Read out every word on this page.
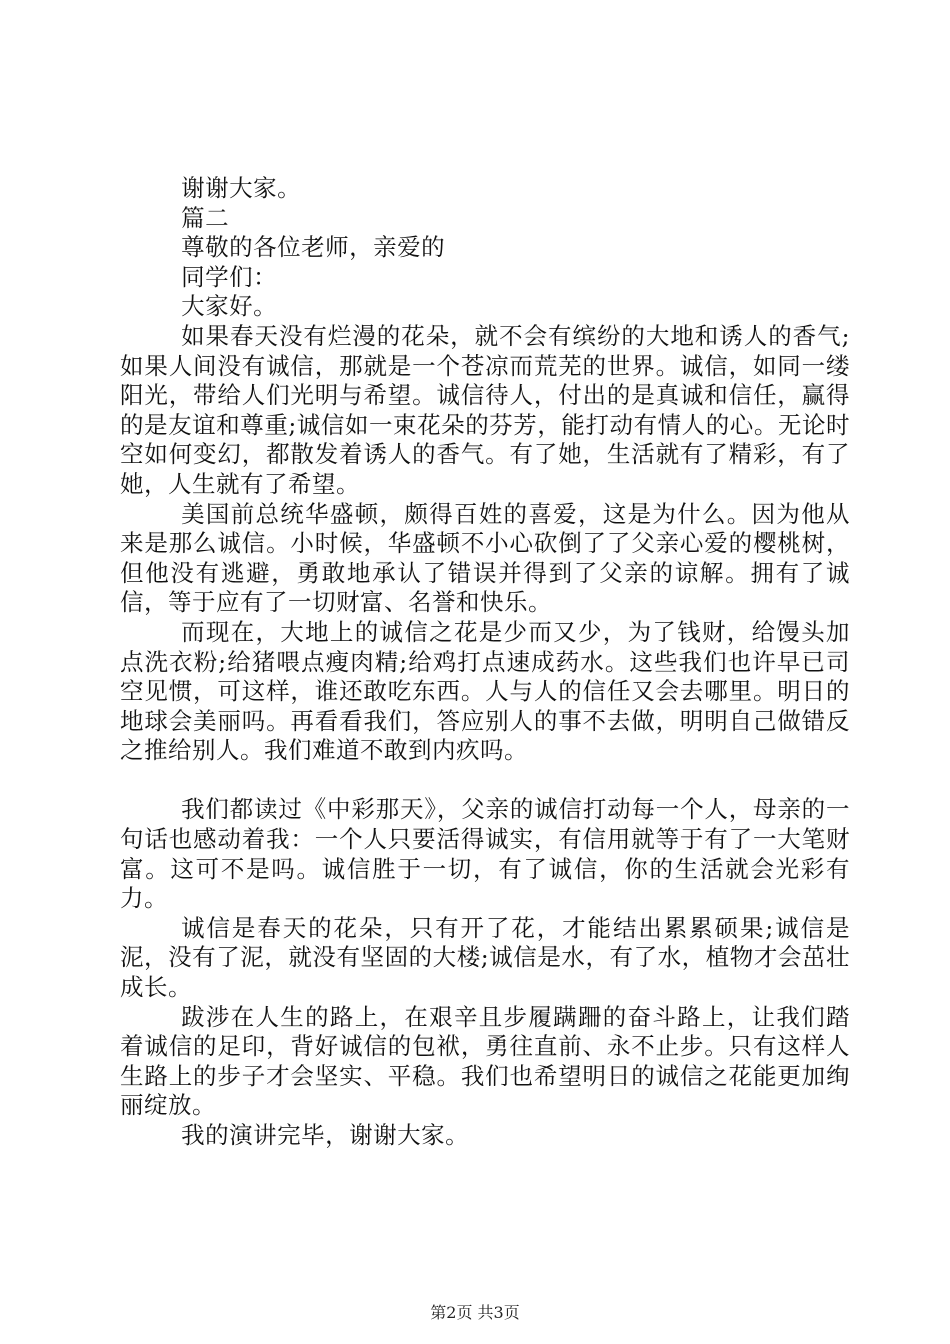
谢谢大家。
篇二
尊敬的各位老师，亲爱的
同学们：
大家好。

如果春天没有烂漫的花朵，就不会有缤纷的大地和诱人的香气;如果人间没有诚信，那就是一个苍凉而荒芜的世界。诚信，如同一缕阳光，带给人们光明与希望。诚信待人，付出的是真诚和信任，赢得的是友谊和尊重;诚信如一束花朵的芬芳，能打动有情人的心。无论时空如何变幻，都散发着诱人的香气。有了她，生活就有了精彩，有了她，人生就有了希望。

美国前总统华盛顿，颇得百姓的喜爱，这是为什么。因为他从来是那么诚信。小时候，华盛顿不小心砍倒了了父亲心爱的樱桃树，但他没有逃避，勇敢地承认了错误并得到了父亲的谅解。拥有了诚信，等于应有了一切财富、名誉和快乐。

而现在，大地上的诚信之花是少而又少，为了钱财，给馒头加点洗衣粉;给猪喂点瘦肉精;给鸡打点速成药水。这些我们也许早已司空见惯，可这样，谁还敢吃东西。人与人的信任又会去哪里。明日的地球会美丽吗。再看看我们，答应别人的事不去做，明明自己做错反之推给别人。我们难道不敢到内疚吗。

我们都读过《中彩那天》，父亲的诚信打动每一个人，母亲的一句话也感动着我：一个人只要活得诚实，有信用就等于有了一大笔财富。这可不是吗。诚信胜于一切，有了诚信，你的生活就会光彩有力。

诚信是春天的花朵，只有开了花，才能结出累累硕果;诚信是泥，没有了泥，就没有坚固的大楼;诚信是水，有了水，植物才会茁壮成长。

跋涉在人生的路上，在艰辛且步履蹒跚的奋斗路上，让我们踏着诚信的足印，背好诚信的包袱，勇往直前、永不止步。只有这样人生路上的步子才会坚实、平稳。我们也希望明日的诚信之花能更加绚丽绽放。

我的演讲完毕，谢谢大家。
第2页 共3页
